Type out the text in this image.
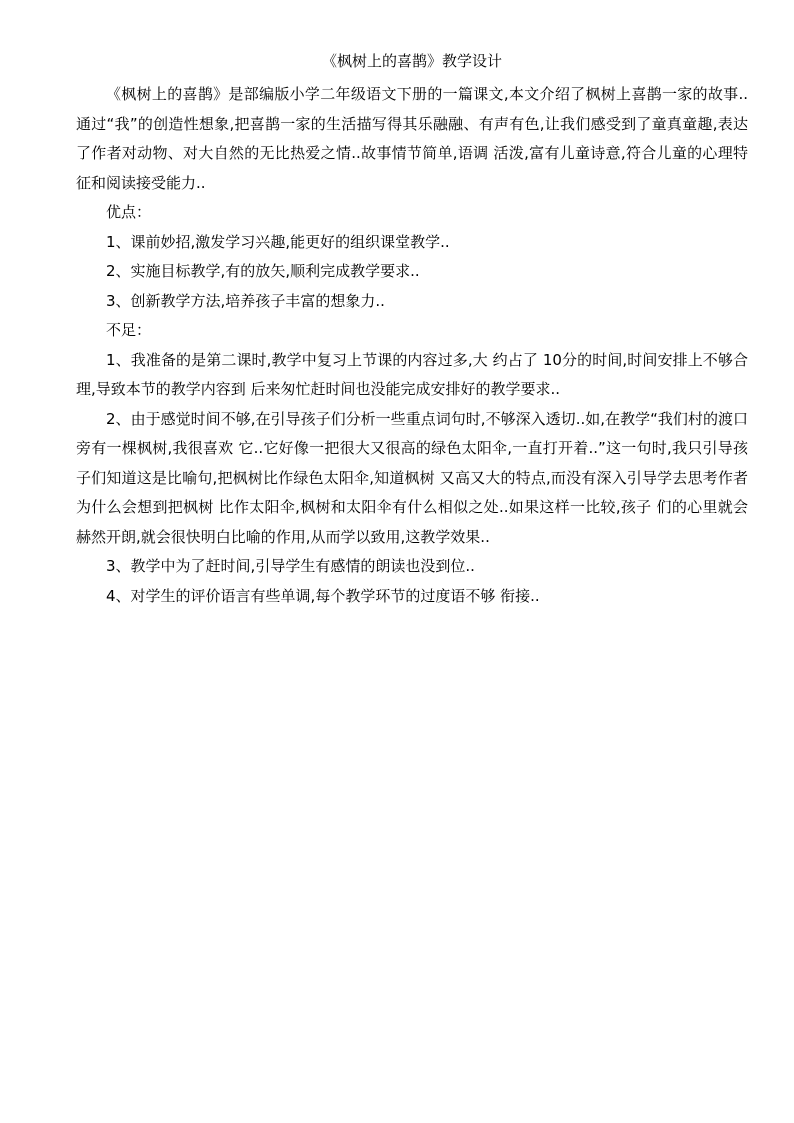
《枫树上的喜鹊》教学设计

《枫树上的喜鹊》是部编版小学二年级语文下册的一篇课文,本文介绍了枫树上喜鹊一家的故事..通过“我”的创造性想象,把喜鹊一家的生活描写得其乐融融、有声有色,让我们感受到了童真童趣,表达了作者对动物、对大自然的无比热爱之情..故事情节简单,语调 活泼,富有儿童诗意,符合儿童的心理特征和阅读接受能力..

优点：

1、课前妙招,激发学习兴趣,能更好的组织课堂教学..

2、实施目标教学,有的放矢,顺利完成教学要求..

3、创新教学方法,培养孩子丰富的想象力..

不足：

1、我准备的是第二课时,教学中复习上节课的内容过多,大 约占了 10分的时间,时间安排上不够合理,导致本节的教学内容到 后来匆忙赶时间也没能完成安排好的教学要求..

2、由于感觉时间不够,在引导孩子们分析一些重点词句时,不够深入透切..如,在教学“我们村的渡口旁有一棵枫树,我很喜欢 它..它好像一把很大又很高的绿色太阳伞,一直打开着..”这一句时,我只引导孩子们知道这是比喻句,把枫树比作绿色太阳伞,知道枫树 又高又大的特点,而没有深入引导学去思考作者为什么会想到把枫树 比作太阳伞,枫树和太阳伞有什么相似之处..如果这样一比较,孩子 们的心里就会赫然开朗,就会很快明白比喻的作用,从而学以致用,这教学效果..

3、教学中为了赶时间,引导学生有感情的朗读也没到位..

4、对学生的评价语言有些单调,每个教学环节的过度语不够 衔接..
